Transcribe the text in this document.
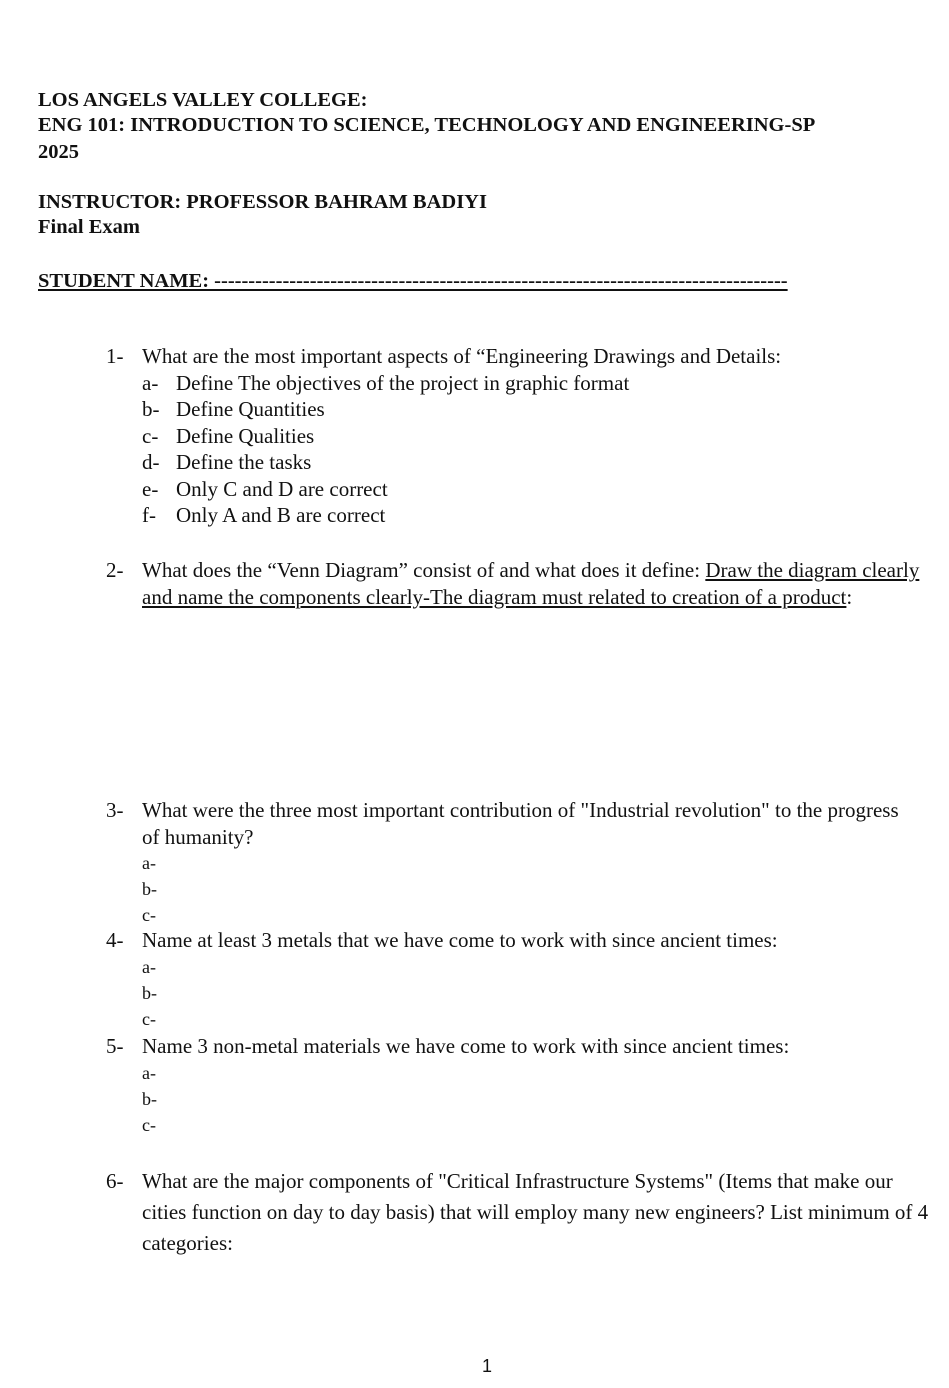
LOS ANGELS VALLEY COLLEGE:
ENG 101: INTRODUCTION TO SCIENCE, TECHNOLOGY AND ENGINEERING-SP
2025
INSTRUCTOR: PROFESSOR BAHRAM BADIYI
Final Exam
STUDENT NAME: ------------------------------------------------------------------------------------
1- What are the most important aspects of “Engineering Drawings and Details:
a- Define The objectives of the project in graphic format
b- Define Quantities
c- Define Qualities
d- Define the tasks
e- Only C and D are correct
f- Only A and B are correct
2- What does the “Venn Diagram” consist of and what does it define: Draw the diagram clearly and name the components clearly-The diagram must related to creation of a product:
3- What were the three most important contribution of "Industrial revolution" to the progress of humanity?
a-
b-
c-
4- Name at least 3 metals that we have come to work with since ancient times:
a-
b-
c-
5- Name 3 non-metal materials we have come to work with since ancient times:
a-
b-
c-
6- What are the major components of "Critical Infrastructure Systems" (Items that make our cities function on day to day basis) that will employ many new engineers? List minimum of 4 categories:
1
